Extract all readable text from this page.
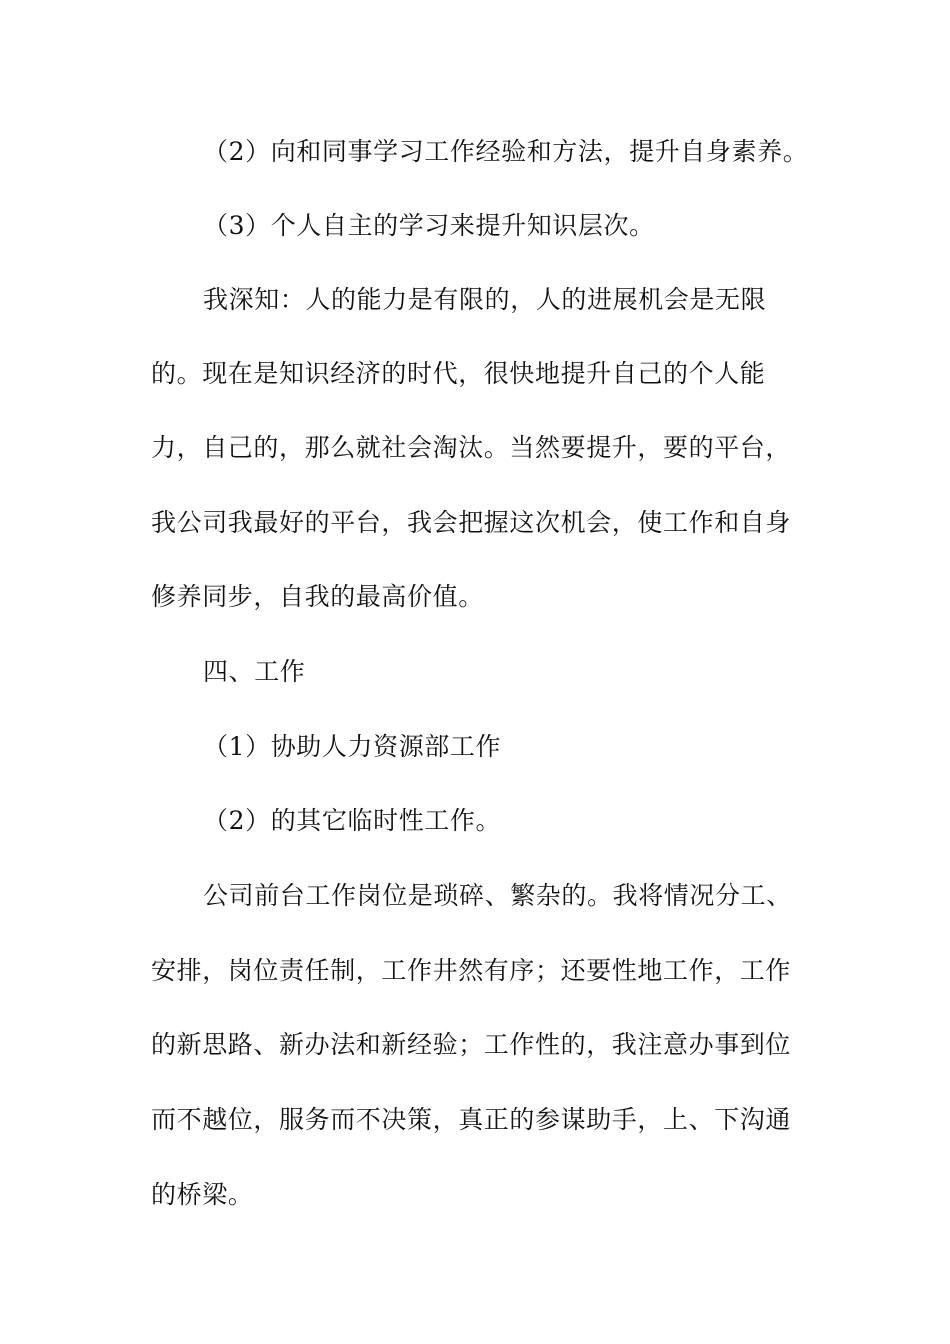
（2）向和同事学习工作经验和方法，提升自身素养。
（3）个人自主的学习来提升知识层次。
我深知：人的能力是有限的，人的进展机会是无限
的。现在是知识经济的时代，很快地提升自己的个人能
力，自己的，那么就社会淘汰。当然要提升，要的平台，
我公司我最好的平台，我会把握这次机会，使工作和自身
修养同步，自我的最高价值。
四、工作
（1）协助人力资源部工作
（2）的其它临时性工作。
公司前台工作岗位是琐碎、繁杂的。我将情况分工、
安排，岗位责任制，工作井然有序；还要性地工作，工作
的新思路、新办法和新经验；工作性的，我注意办事到位
而不越位，服务而不决策，真正的参谋助手，上、下沟通
的桥梁。
